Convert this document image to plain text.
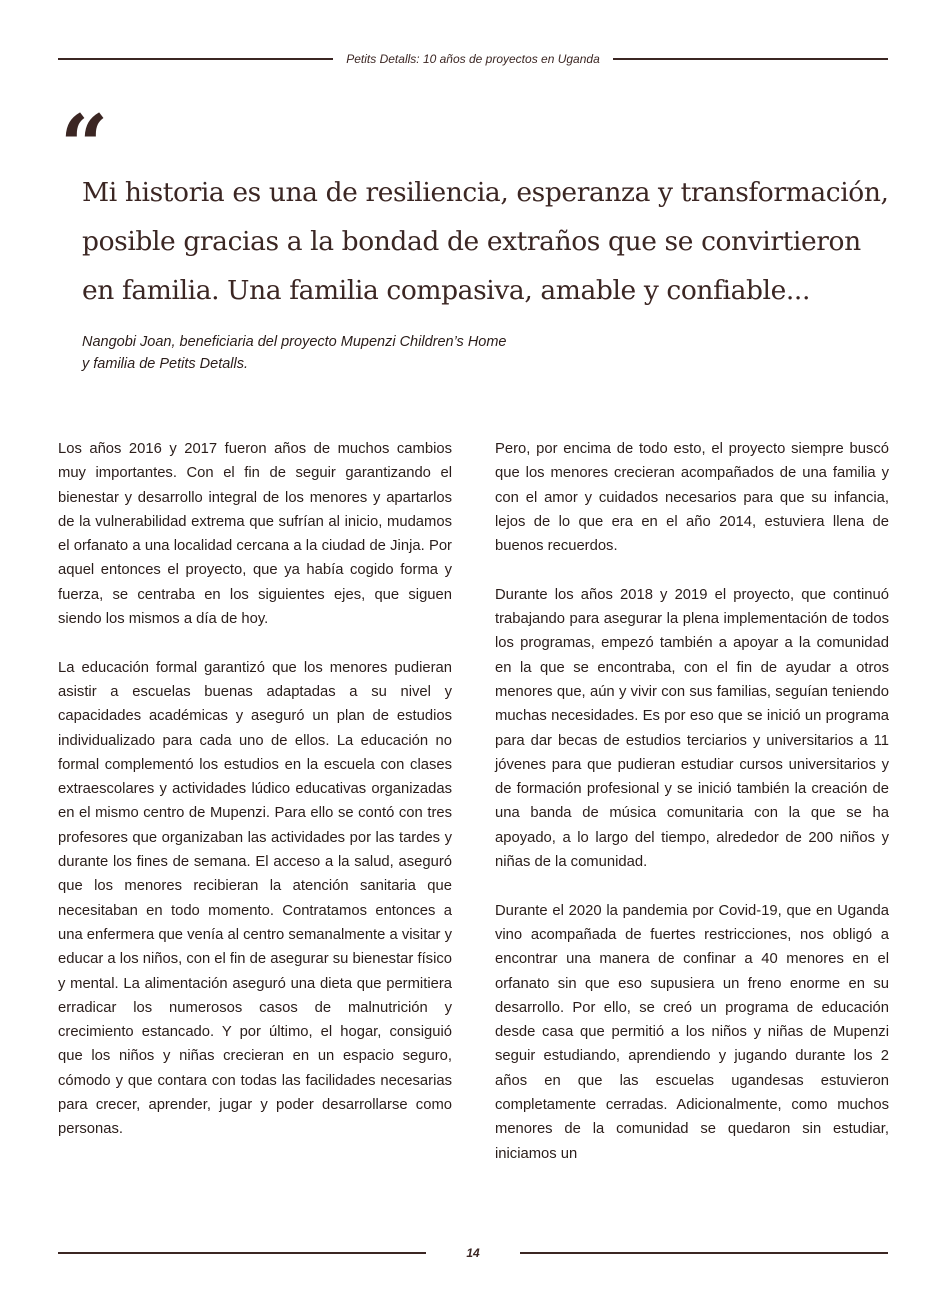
Petits Detalls: 10 años de proyectos en Uganda
“

Mi historia es una de resiliencia, esperanza y transformación, posible gracias a la bondad de extraños que se convirtieron en familia. Una familia compasiva, amable y confiable...

Nangobi Joan, beneficiaria del proyecto Mupenzi Children’s Home
y familia de Petits Detalls.

Los años 2016 y 2017 fueron años de muchos cambios muy importantes. Con el fin de seguir garantizando el bienestar y desarrollo integral de los menores y apartarlos de la vulnerabilidad extrema que sufrían al inicio, mudamos el orfanato a una localidad cercana a la ciudad de Jinja. Por aquel entonces el proyecto, que ya había cogido forma y fuerza, se centraba en los siguientes ejes, que siguen siendo los mismos a día de hoy.

La educación formal garantizó que los menores pudieran asistir a escuelas buenas adaptadas a su nivel y capacidades académicas y aseguró un plan de estudios individualizado para cada uno de ellos. La educación no formal complementó los estudios en la escuela con clases extraescolares y actividades lúdico educativas organizadas en el mismo centro de Mupenzi. Para ello se contó con tres profesores que organizaban las actividades por las tardes y durante los fines de semana. El acceso a la salud, aseguró que los menores recibieran la atención sanitaria que necesitaban en todo momento. Contratamos entonces a una enfermera que venía al centro semanalmente a visitar y educar a los niños, con el fin de asegurar su bienestar físico y mental. La alimentación aseguró una dieta que permitiera erradicar los numerosos casos de malnutrición y crecimiento estancado. Y por último, el hogar, consiguió que los niños y niñas crecieran en un espacio seguro, cómodo y que contara con todas las facilidades necesarias para crecer, aprender, jugar y poder desarrollarse como personas.

Pero, por encima de todo esto, el proyecto siempre buscó que los menores crecieran acompañados de una familia y con el amor y cuidados necesarios para que su infancia, lejos de lo que era en el año 2014, estuviera llena de buenos recuerdos.

Durante los años 2018 y 2019 el proyecto, que continuó trabajando para asegurar la plena implementación de todos los programas, empezó también a apoyar a la comunidad en la que se encontraba, con el fin de ayudar a otros menores que, aún y vivir con sus familias, seguían teniendo muchas necesidades. Es por eso que se inició un programa para dar becas de estudios terciarios y universitarios a 11 jóvenes para que pudieran estudiar cursos universitarios y de formación profesional y se inició también la creación de una banda de música comunitaria con la que se ha apoyado, a lo largo del tiempo, alrededor de 200 niños y niñas de la comunidad.

Durante el 2020 la pandemia por Covid-19, que en Uganda vino acompañada de fuertes restricciones, nos obligó a encontrar una manera de confinar a 40 menores en el orfanato sin que eso supusiera un freno enorme en su desarrollo. Por ello, se creó un programa de educación desde casa que permitió a los niños y niñas de Mupenzi seguir estudiando, aprendiendo y jugando durante los 2 años en que las escuelas ugandesas estuvieron completamente cerradas. Adicionalmente, como muchos menores de la comunidad se quedaron sin estudiar, iniciamos un

14
